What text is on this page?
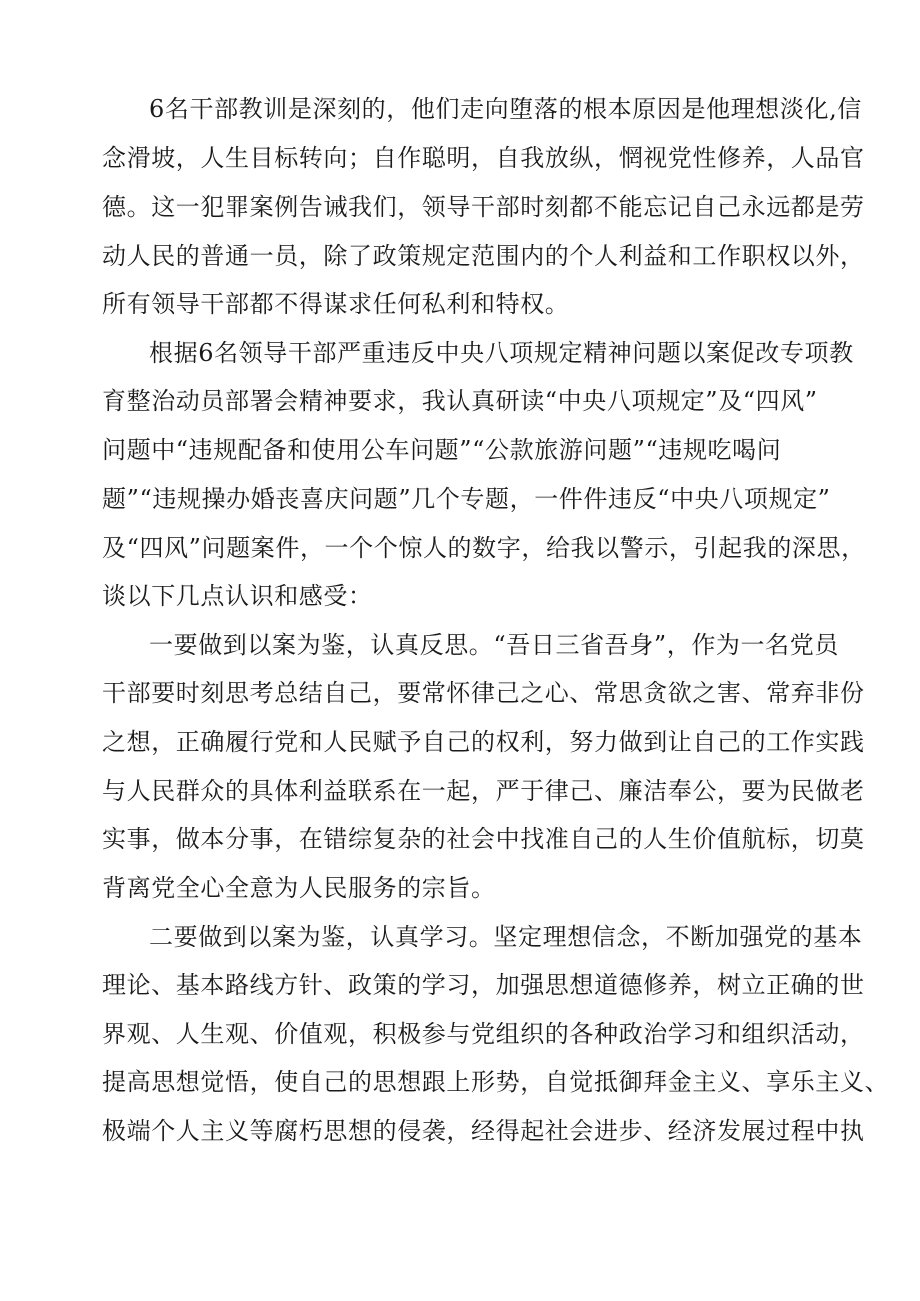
6名干部教训是深刻的，他们走向堕落的根本原因是他理想淡化,信
念滑坡，人生目标转向；自作聪明，自我放纵，惘视党性修养，人品官
德。这一犯罪案例告诫我们，领导干部时刻都不能忘记自己永远都是劳
动人民的普通一员，除了政策规定范围内的个人利益和工作职权以外，
所有领导干部都不得谋求任何私利和特权。
根据6名领导干部严重违反中央八项规定精神问题以案促改专项教
育整治动员部署会精神要求，我认真研读“中央八项规定”及“四风”
问题中“违规配备和使用公车问题”“公款旅游问题”“违规吃喝问
题”“违规操办婚丧喜庆问题”几个专题，一件件违反“中央八项规定”
及“四风”问题案件，一个个惊人的数字，给我以警示，引起我的深思，
谈以下几点认识和感受：
一要做到以案为鉴，认真反思。“吾日三省吾身”，作为一名党员
干部要时刻思考总结自己，要常怀律己之心、常思贪欲之害、常弃非份
之想，正确履行党和人民赋予自己的权利，努力做到让自己的工作实践
与人民群众的具体利益联系在一起，严于律己、廉洁奉公，要为民做老
实事，做本分事，在错综复杂的社会中找准自己的人生价值航标，切莫
背离党全心全意为人民服务的宗旨。
二要做到以案为鉴，认真学习。坚定理想信念，不断加强党的基本
理论、基本路线方针、政策的学习，加强思想道德修养，树立正确的世
界观、人生观、价值观，积极参与党组织的各种政治学习和组织活动，
提高思想觉悟，使自己的思想跟上形势，自觉抵御拜金主义、享乐主义、
极端个人主义等腐朽思想的侵袭，经得起社会进步、经济发展过程中执
